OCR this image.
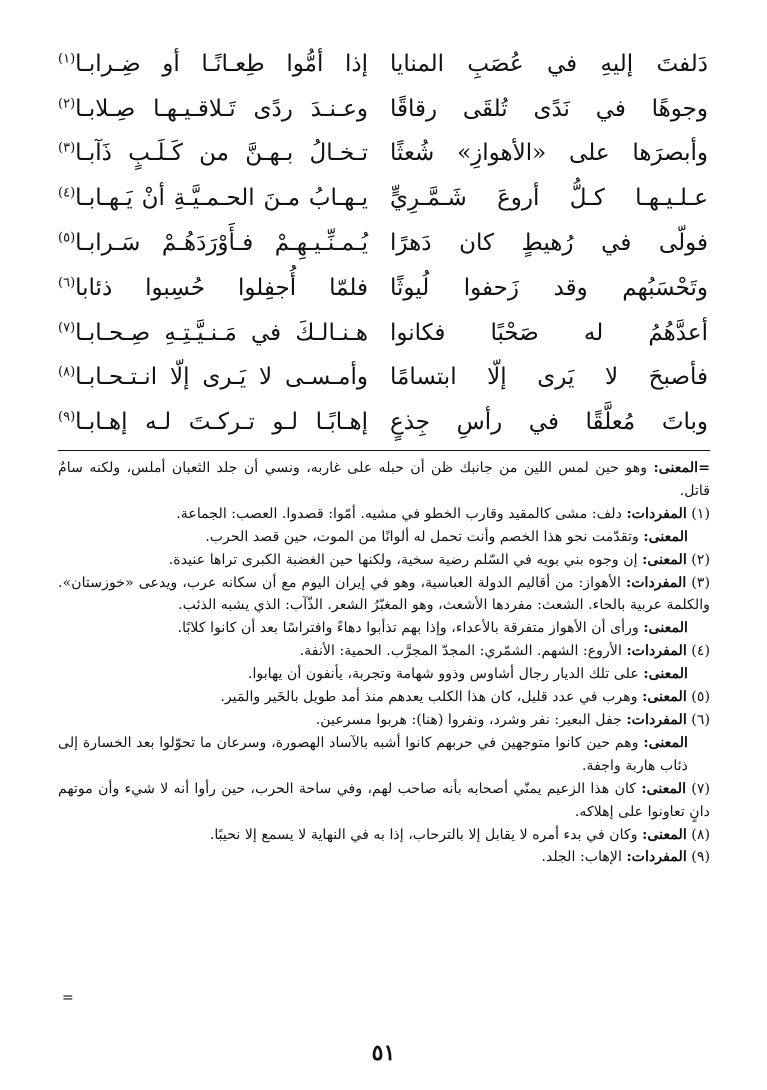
دَلفتَ إليهِ في عُصَبِ المنايا
إذا أمُّوا طِعـانًـا أو ضِـرابـا$^{(١)}$
وجوهًا في نَدًى تُلقَى رقاقًا
وعـنـدَ ردًى تَـلاقـيـهـا صِـلابـا$^{(٢)}$
وأبصرَها على «الأهوازِ» شُعثًا
تـخـالُ بـهـنَّ من كَـلَـبٍ ذَآبـا$^{(٣)}$
عـلـيـهـا كـلُّ أروعَ شَـمَّـرِيٍّ
يـهـابُ مـنَ الحـمـيَّـةِ أنْ يَـهـابـا$^{(٤)}$
فولّى في رُهيطٍ كان دَهرًا
يُـمـنِّـيـهِـمْ فـأَوْرَدَهُـمْ سَـرابـا$^{(٥)}$
وتَحْسَبُهم وقد زَحفوا لُيوثًا
فلمّا أُجفِلوا حُسِبوا ذئابا$^{(٦)}$
أعدَّهُمُ له صَحْبًا فكانوا
هـنـالـكَ في مَـنـيَّـتِـهِ صِـحـابـا$^{(٧)}$
فأصبحَ لا يَرى إلّا ابتسامًا
وأمـسـى لا يَـرى إلّا انـتـحـابـا$^{(٨)}$
وباتَ مُعلَّقًا في رأسِ جِذعٍ
إهـابًـا لـو تـركـتَ لـه إهـابـا$^{(٩)}$

=المعنى: وهو حين لمس اللين من جانبك ظن أن حبله على غاربه، ونسي أن جلد الثعبان أملس، ولكنه سامٌ قاتل.

(١) المفردات: دلف: مشى كالمقيد وقارب الخطو في مشيه. أمّوا: قصدوا. العصب: الجماعة.

المعنى: وتقدّمت نحو هذا الخصم وأنت تحمل له ألوانًا من الموت، حين قصد الحرب.

(٢) المعنى: إن وجوه بني بويه في السّلم رضية سخية، ولكنها حين الغضبة الكبرى تراها عنيدة.

(٣) المفردات: الأهواز: من أقاليم الدولة العباسية، وهو في إيران اليوم مع أن سكانه عرب، ويدعى «خوزستان». والكلمة عربية بالحاء. الشعث: مفردها الأشعث، وهو المغبّرُ الشعر. الذّآب: الذي يشبه الذئب.

المعنى: ورأى أن الأهواز متفرقة بالأعداء، وإذا بهم تذأبوا دهاءً وافتراسًا بعد أن كانوا كلابًا.

(٤) المفردات: الأروع: الشهم. الشمّري: المجدّ المجرَّب. الحمية: الأنفة.

المعنى: على تلك الديار رجال أشاوس وذوو شهامة وتجربة، يأنفون أن يهابوا.

(٥) المعنى: وهرب في عدد قليل، كان هذا الكلب يعدهم منذ أمد طويل بالخَير والمَير.

(٦) المفردات: جفل البعير: نفر وشرد، ونفروا (هنا): هربوا مسرعين.

المعنى: وهم حين كانوا متوجهين في حربهم كانوا أشبه بالآساد الهصورة، وسرعان ما تحوّلوا بعد الخسارة إلى ذئاب هاربة واجفة.

(٧) المعنى: كان هذا الزعيم يمنّي أصحابه بأنه صاحب لهم، وفي ساحة الحرب، حين رأوا أنه لا شيء وأن موتهم دانٍ تعاونوا على إهلاكه.

(٨) المعنى: وكان في بدء أمره لا يقابل إلا بالترحاب، إذا به في النهاية لا يسمع إلا نحيبًا.

(٩) المفردات: الإهاب: الجلد.

=
٥١
